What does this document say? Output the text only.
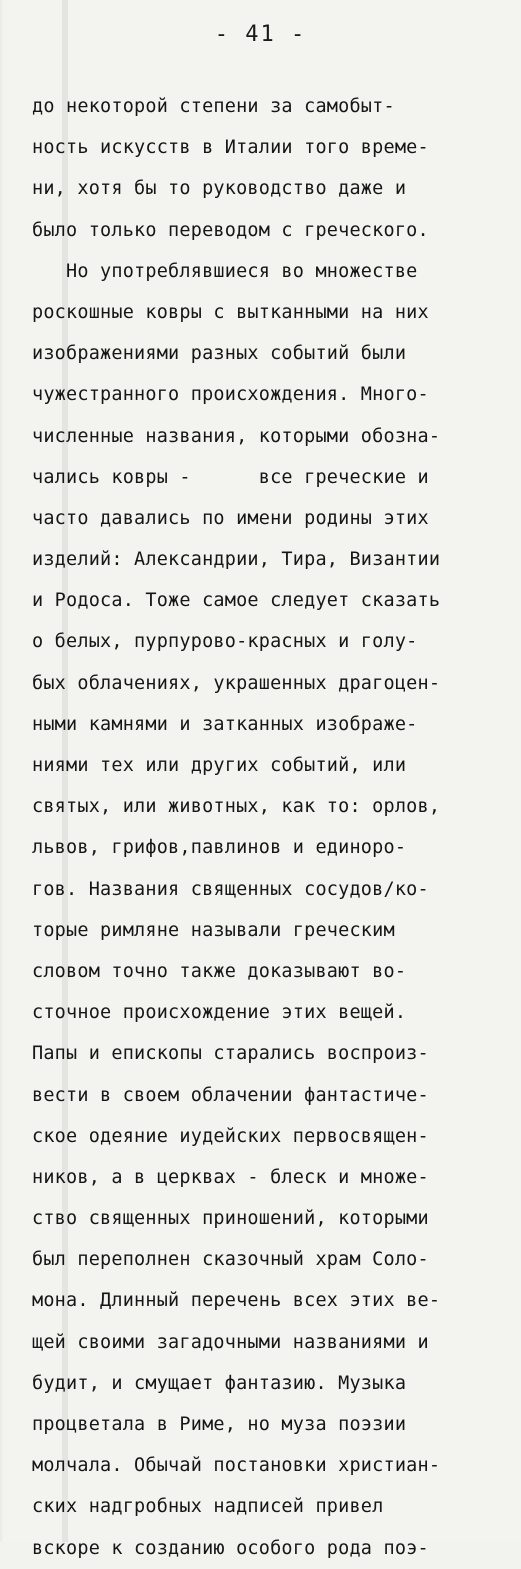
- 41 -
до некоторой степени за самобыт-
ность искусств в Италии того време-
ни, хотя бы то руководство даже и
было только переводом с греческого.
Но употреблявшиеся во множестве
роскошные ковры с вытканными на них
изображениями разных событий были
чужестранного происхождения. Много-
численные названия, которыми обозна-
чались ковры -      все греческие и
часто давались по имени родины этих
изделий: Александрии, Тира, Византии
и Родоса. Тоже самое следует сказать
о белых, пурпурово-красных и голу-
бых облачениях, украшенных драгоцен-
ными камнями и затканных изображе-
ниями тех или других событий, или
святых, или животных, как то: орлов,
львов, грифов,павлинов и единоро-
гов. Названия священных сосудов/ко-
торые римляне называли греческим
словом точно также доказывают во-
сточное происхождение этих вещей.
Папы и епископы старались воспроиз-
вести в своем облачении фантастиче-
ское одеяние иудейских первосвящен-
ников, а в церквах - блеск и множе-
ство священных приношений, которыми
был переполнен сказочный храм Соло-
мона. Длинный перечень всех этих ве-
щей своими загадочными названиями и
будит, и смущает фантазию. Музыка
процветала в Риме, но муза поэзии
молчала. Обычай постановки христиан-
ских надгробных надписей привел
вскоре к созданию особого рода поэ-
